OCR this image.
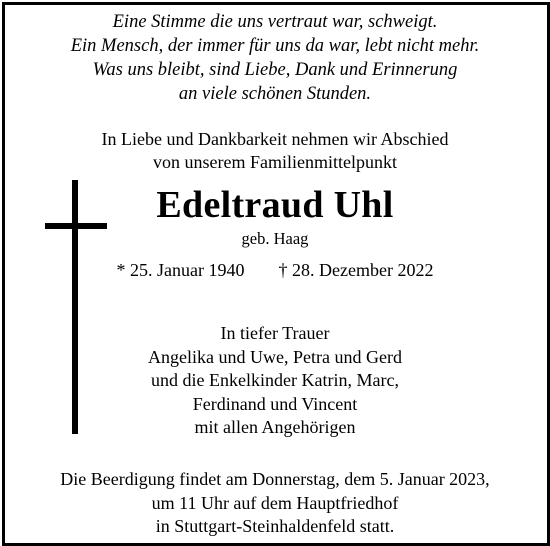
Eine Stimme die uns vertraut war, schweigt.
Ein Mensch, der immer für uns da war, lebt nicht mehr.
Was uns bleibt, sind Liebe, Dank und Erinnerung
an viele schönen Stunden.
In Liebe und Dankbarkeit nehmen wir Abschied
von unserem Familienmittelpunkt
Edeltraud Uhl
geb. Haag
* 25. Januar 1940 † 28. Dezember 2022
In tiefer Trauer
Angelika und Uwe, Petra und Gerd
und die Enkelkinder Katrin, Marc,
Ferdinand und Vincent
mit allen Angehörigen
Die Beerdigung findet am Donnerstag, dem 5. Januar 2023,
um 11 Uhr auf dem Hauptfriedhof
in Stuttgart-Steinhaldenfeld statt.
